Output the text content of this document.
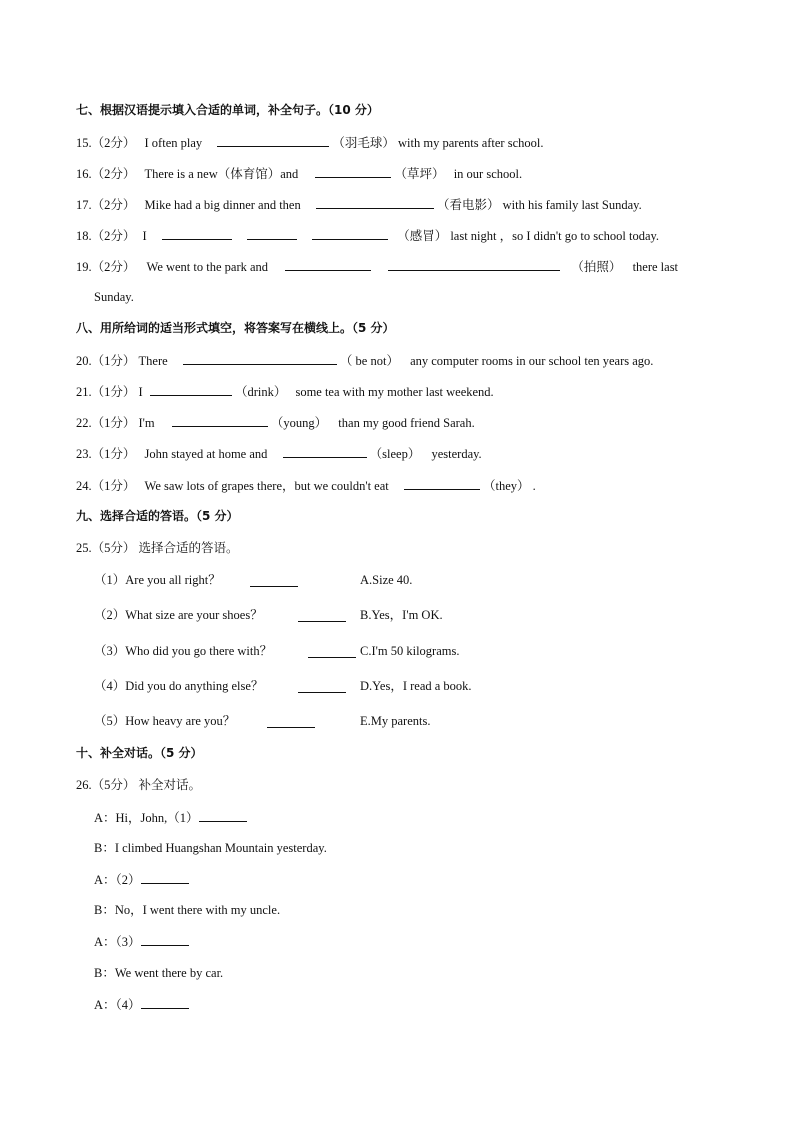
七、根据汉语提示填入合适的单词，补全句子。（10 分）
15.（2分） I often play	（羽毛球） with my parents after school.
16.（2分） There is a new（体育馆）and	（草坪） in our school.
17.（2分） Mike had a big dinner and then	（看电影） with his family last Sunday.
18.（2分） I	（感冒） last night ，so I didn't go to school today.
19.（2分） We went to the park and	（拍照） there last
Sunday.
八、用所给词的适当形式填空，将答案写在横线上。（5 分）
20.（1分） There	（ be not） any computer rooms in our school ten years ago.
21.（1分） I	（drink） some tea with my mother last weekend.
22.（1分） I'm	（young） than my good friend Sarah.
23.（1分） John stayed at home and	（sleep） yesterday.
24.（1分） We saw lots of grapes there，but we couldn't eat	（they） .
九、选择合适的答语。（5 分）
25.（5分） 选择合适的答语。
（1）Are you all right？	A.Size 40.
（2）What size are your shoes？	B.Yes，I'm OK.
（3）Who did you go there with？	C.I'm 50 kilograms.
（4）Did you do anything else？	D.Yes，I read a book.
（5）How heavy are you？	E.My parents.
十、补全对话。（5 分）
26.（5分） 补全对话。
A：Hi，John,（1）
B：I climbed Huangshan Mountain yesterday.
A：（2）
B：No，I went there with my uncle.
A：（3）
B：We went there by car.
A：（4）
